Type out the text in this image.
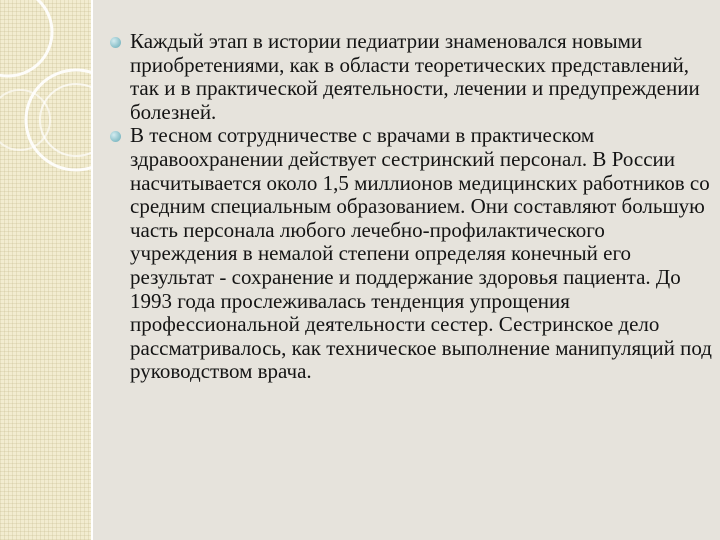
Каждый этап в истории педиатрии знаменовался новыми приобретениями, как в области теоретических представлений, так и в практической деятельности, лечении и предупреждении болезней.
В тесном сотрудничестве с врачами в практическом здравоохранении действует сестринский персонал. В России насчитывается около 1,5 миллионов медицинских работников со средним специальным образованием. Они составляют большую часть персонала любого лечебно-профилактического учреждения в немалой степени определяя конечный его результат - сохранение и поддержание здоровья пациента. До 1993 года прослеживалась тенденция упрощения профессиональной деятельности сестер. Сестринское дело рассматривалось, как техническое выполнение манипуляций под руководством врача.
